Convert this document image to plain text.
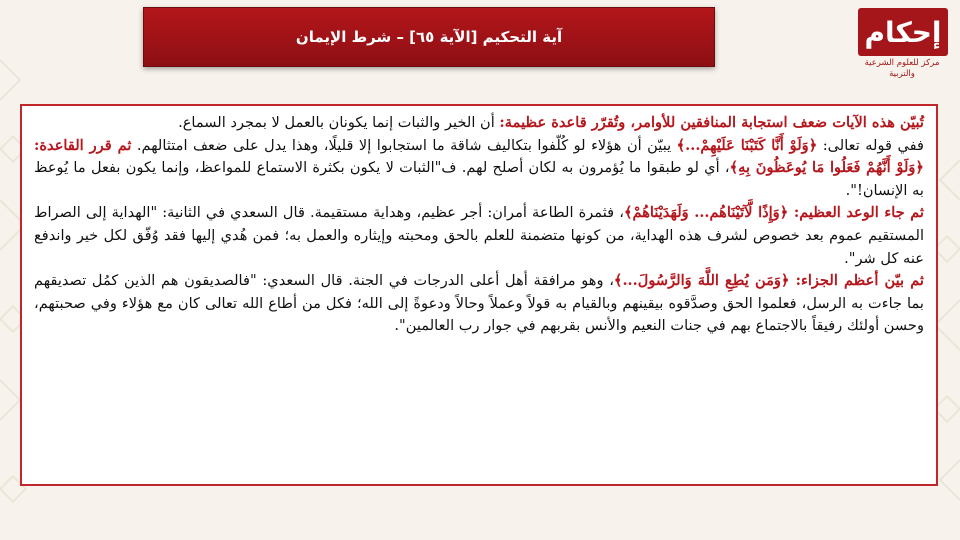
آية التحكيم [الآية ٦٥] – شرط الإيمان	إحكام
مركز للعلوم الشرعية
والتربية

تُبيّن هذه الآيات ضعف استجابة المنافقين للأوامر، وتُقرّر قاعدة عظيمة: أن الخير والثبات إنما يكونان بالعمل لا بمجرد السماع.

ففي قوله تعالى: ﴿وَلَوْ أَنَّا كَتَبْنَا عَلَيْهِمْ...﴾ يبيّن أن هؤلاء لو كُلّفوا بتكاليف شاقة ما استجابوا إلا قليلًا، وهذا يدل على ضعف امتثالهم. ثم قرر القاعدة: ﴿وَلَوْ أَنَّهُمْ فَعَلُوا مَا يُوعَظُونَ بِهِ﴾، أي لو طبقوا ما يُؤمرون به لكان أصلح لهم. ف"الثبات لا يكون بكثرة الاستماع للمواعظ، وإنما يكون بفعل ما يُوعظ به الإنسان!".

ثم جاء الوعد العظيم: ﴿وَإِذًا لَّآتَيْنَاهُم... وَلَهَدَيْنَاهُمْ﴾، فثمرة الطاعة أمران: أجر عظيم، وهداية مستقيمة. قال السعدي في الثانية: "الهداية إلى الصراط المستقيم عموم بعد خصوص لشرف هذه الهداية، من كونها متضمنة للعلم بالحق ومحبته وإيثاره والعمل به؛ فمن هُدي إليها فقد وُفّق لكل خير واندفع عنه كل شر".

ثم بيّن أعظم الجزاء: ﴿وَمَن يُطِعِ اللَّهَ وَالرَّسُولَ...﴾، وهو مرافقة أهل أعلى الدرجات في الجنة. قال السعدي: "فالصديقون هم الذين كمُل تصديقهم بما جاءت به الرسل، فعلموا الحق وصدَّقوه بيقينهم وبالقيام به قولاً وعملاً وحالاً ودعوةً إلى الله؛ فكل من أطاع الله تعالى كان مع هؤلاء وفي صحبتهم، وحسن أولئك رفيقاً بالاجتماع بهم في جنات النعيم والأنس بقربهم في جوار رب العالمين".
